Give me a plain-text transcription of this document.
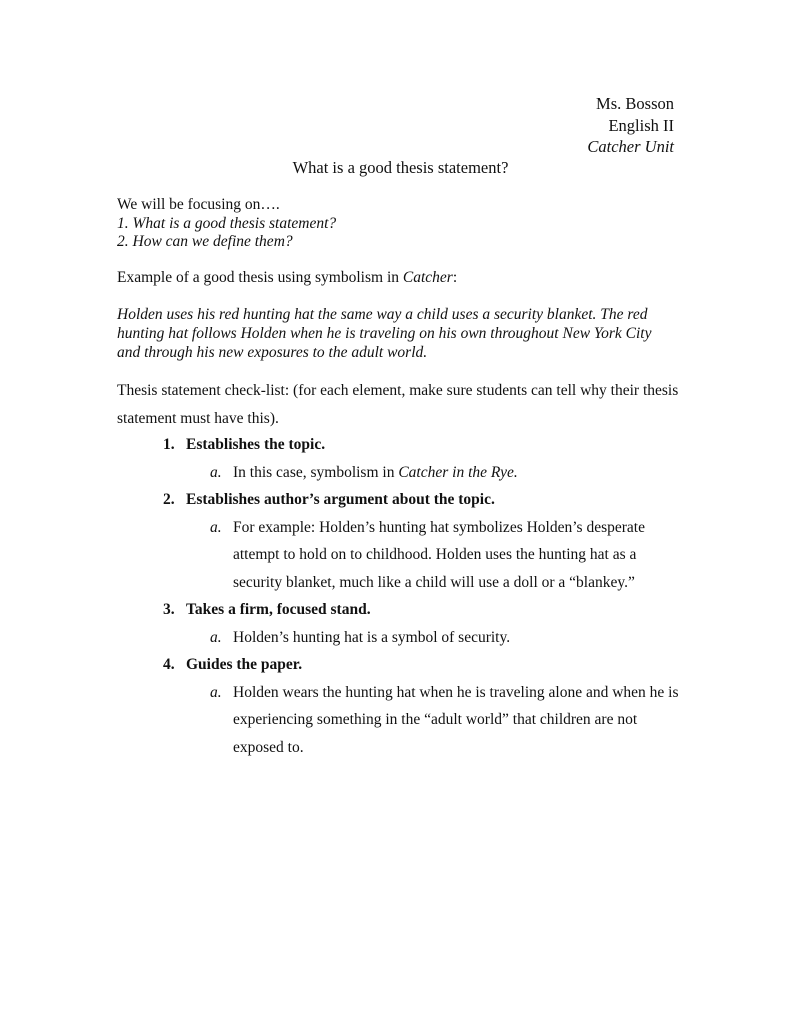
Ms. Bosson
English II
Catcher Unit
What is a good thesis statement?
We will be focusing on….
1. What is a good thesis statement?
2. How can we define them?
Example of a good thesis using symbolism in Catcher:
Holden uses his red hunting hat the same way a child uses a security blanket. The red hunting hat follows Holden when he is traveling on his own throughout New York City and through his new exposures to the adult world.
Thesis statement check-list: (for each element, make sure students can tell why their thesis statement must have this).
1. Establishes the topic.
a. In this case, symbolism in Catcher in the Rye.
2. Establishes author’s argument about the topic.
a. For example: Holden’s hunting hat symbolizes Holden’s desperate attempt to hold on to childhood. Holden uses the hunting hat as a security blanket, much like a child will use a doll or a “blankey.”
3. Takes a firm, focused stand.
a. Holden’s hunting hat is a symbol of security.
4. Guides the paper.
a. Holden wears the hunting hat when he is traveling alone and when he is experiencing something in the “adult world” that children are not exposed to.
